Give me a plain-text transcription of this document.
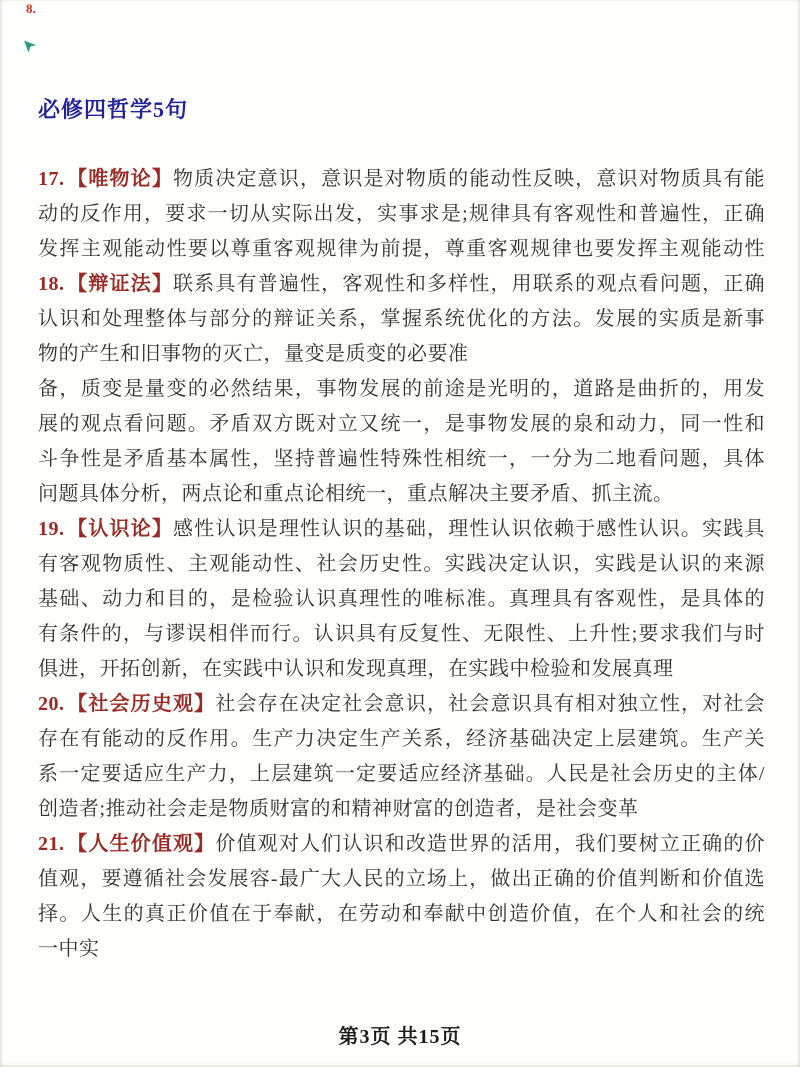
8.
➤
必修四哲学5句
17. 【唯物论】物质决定意识，意识是对物质的能动性反映，意识对物质具有能
动的反作用，要求一切从实际出发，实事求是;规律具有客观性和普遍性，正确
发挥主观能动性要以尊重客观规律为前提，尊重客观规律也要发挥主观能动性
18. 【辩证法】联系具有普遍性，客观性和多样性，用联系的观点看问题，正确
认识和处理整体与部分的辩证关系，掌握系统优化的方法。发展的实质是新事
物的产生和旧事物的灭亡，量变是质变的必要准
备，质变是量变的必然结果，事物发展的前途是光明的，道路是曲折的，用发
展的观点看问题。矛盾双方既对立又统一，是事物发展的泉和动力，同一性和
斗争性是矛盾基本属性，坚持普遍性特殊性相统一，一分为二地看问题，具体
问题具体分析，两点论和重点论相统一，重点解决主要矛盾、抓主流。
19. 【认识论】感性认识是理性认识的基础，理性认识依赖于感性认识。实践具
有客观物质性、主观能动性、社会历史性。实践决定认识，实践是认识的来源
基础、动力和目的，是检验认识真理性的唯标准。真理具有客观性，是具体的
有条件的，与谬误相伴而行。认识具有反复性、无限性、上升性;要求我们与时
俱进，开拓创新，在实践中认识和发现真理，在实践中检验和发展真理
20. 【社会历史观】社会存在决定社会意识，社会意识具有相对独立性，对社会
存在有能动的反作用。生产力决定生产关系，经济基础决定上层建筑。生产关
系一定要适应生产力，上层建筑一定要适应经济基础。人民是社会历史的主体/
创造者;推动社会走是物质财富的和精神财富的创造者，是社会变革
21. 【人生价值观】价值观对人们认识和改造世界的活用，我们要树立正确的价
值观，要遵循社会发展容-最广大人民的立场上，做出正确的价值判断和价值选
择。人生的真正价值在于奉献，在劳动和奉献中创造价值，在个人和社会的统
一中实
第3页 共15页
